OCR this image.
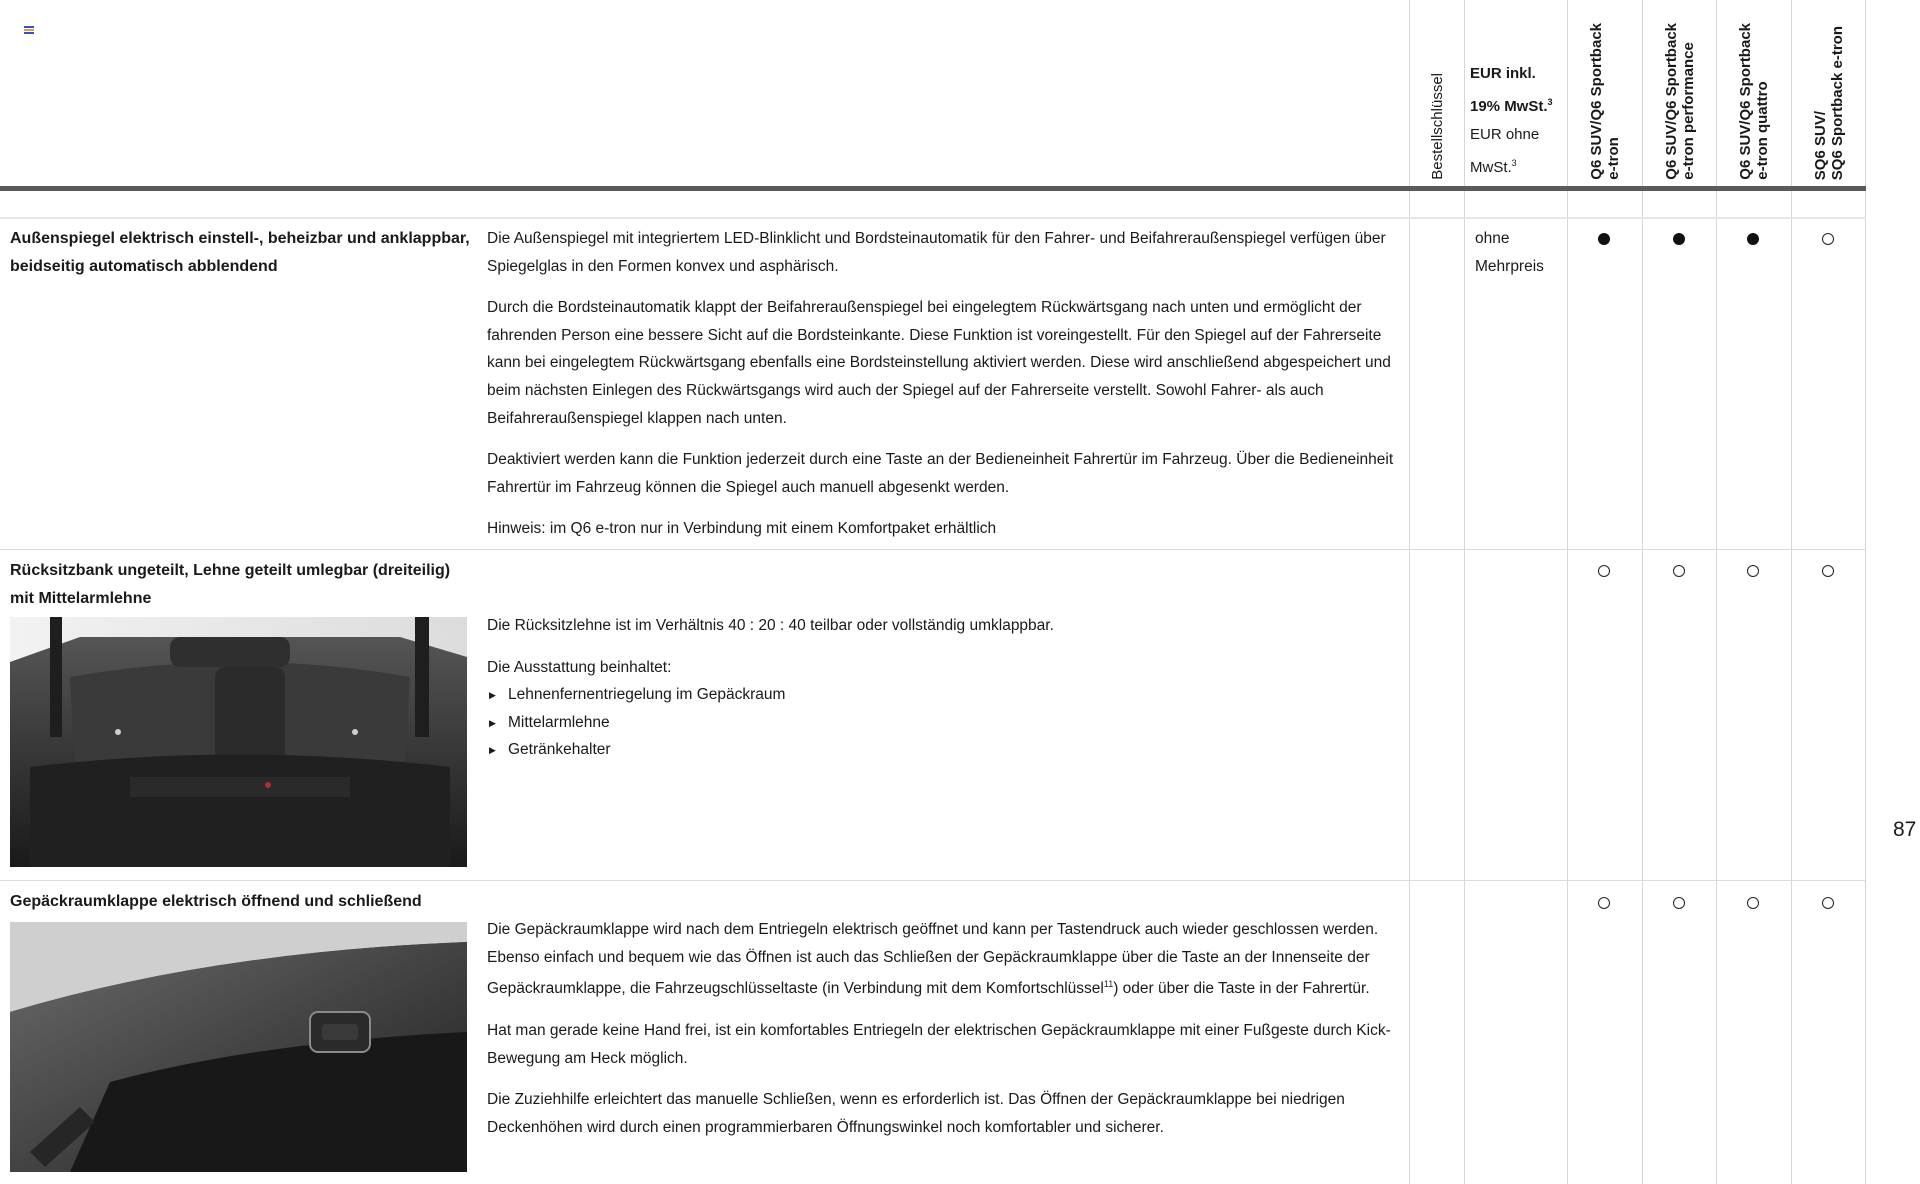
Bestellschlüssel EUR inkl.
19% MwSt.$^3$
EUR ohne
MwSt.$^3$	Q6 SUV/Q6 Sportback
e-tron	Q6 SUV/Q6 Sportback
e-tron performance
Q6 SUV/Q6 Sportback
e-tron quattro
SQ6 SUV/
SQ6 Sportback e-tron
Außenspiegel elektrisch einstell-, beheizbar und anklappbar, beidseitig automatisch abblendend

Die Außenspiegel mit integriertem LED-Blinklicht und Bordsteinautomatik für den Fahrer- und Beifahreraußenspiegel verfügen über Spiegelglas in den Formen konvex und asphärisch.

Durch die Bordsteinautomatik klappt der Beifahreraußenspiegel bei eingelegtem Rückwärtsgang nach unten und ermöglicht der fahrenden Person eine bessere Sicht auf die Bordsteinkante. Diese Funktion ist voreingestellt. Für den Spiegel auf der Fahrerseite kann bei eingelegtem Rückwärtsgang ebenfalls eine Bordsteinstellung aktiviert werden. Diese wird anschließend abgespeichert und beim nächsten Einlegen des Rückwärtsgangs wird auch der Spiegel auf der Fahrerseite verstellt. Sowohl Fahrer- als auch Beifahreraußenspiegel klappen nach unten.

Deaktiviert werden kann die Funktion jederzeit durch eine Taste an der Bedieneinheit Fahrertür im Fahrzeug. Über die Bedieneinheit Fahrertür im Fahrzeug können die Spiegel auch manuell abgesenkt werden.

Hinweis: im Q6 e-tron nur in Verbindung mit einem Komfortpaket erhältlich

ohne
Mehrpreis
Rücksitzbank ungeteilt, Lehne geteilt umlegbar (dreiteilig) mit Mittelarmlehne

Die Rücksitzlehne ist im Verhältnis 40 : 20 : 40 teilbar oder vollständig umklappbar.

Die Ausstattung beinhaltet:

▶ Lehnenfernentriegelung im Gepäckraum
▶ Mittelarmlehne
▶ Getränkehalter
87
Gepäckraumklappe elektrisch öffnend und schließend

Die Gepäckraumklappe wird nach dem Entriegeln elektrisch geöffnet und kann per Tastendruck auch wieder geschlossen werden. Ebenso einfach und bequem wie das Öffnen ist auch das Schließen der Gepäckraumklappe über die Taste an der Innenseite der Gepäckraumklappe, die Fahrzeugschlüsseltaste (in Verbindung mit dem Komfortschlüssel$^{11}$) oder über die Taste in der Fahrertür.

Hat man gerade keine Hand frei, ist ein komfortables Entriegeln der elektrischen Gepäckraumklappe mit einer Fußgeste durch Kick-Bewegung am Heck möglich.

Die Zuziehhilfe erleichtert das manuelle Schließen, wenn es erforderlich ist. Das Öffnen der Gepäckraumklappe bei niedrigen Deckenhöhen wird durch einen programmierbaren Öffnungswinkel noch komfortabler und sicherer.
